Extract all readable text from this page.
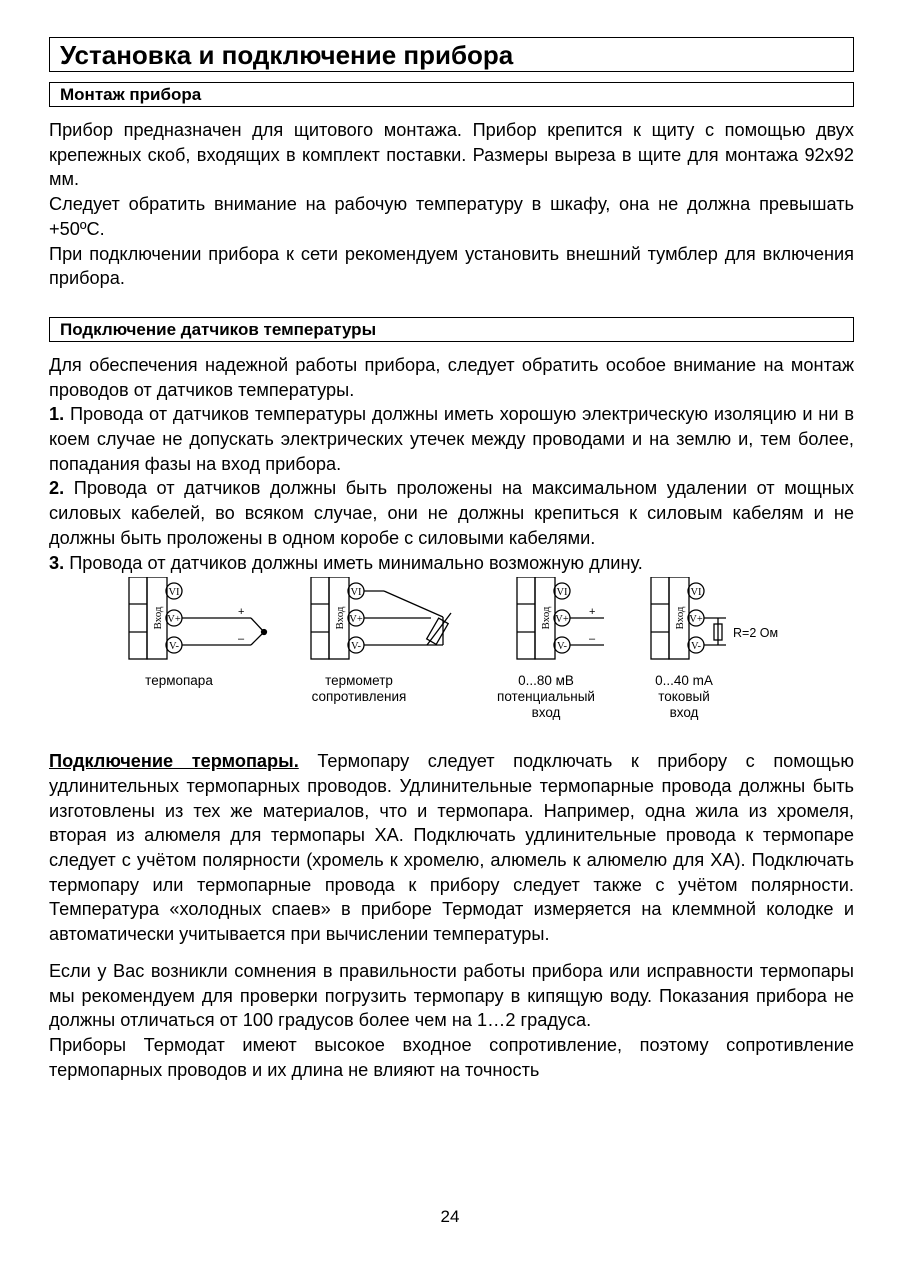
Установка и подключение прибора
Монтаж прибора

Прибор предназначен для щитового монтажа. Прибор крепится к щиту с помощью двух крепежных скоб, входящих в комплект поставки. Размеры выреза в щите для монтажа 92х92 мм.

Следует обратить внимание на рабочую температуру в шкафу, она не должна превышать +50ºС.

При подключении прибора к сети рекомендуем установить внешний тумблер для включения прибора.

Подключение датчиков температуры

Для обеспечения надежной работы прибора, следует обратить особое внимание на монтаж проводов от датчиков температуры.

1. Провода от датчиков температуры должны иметь хорошую электрическую изоляцию и ни в коем случае не допускать электрических утечек между проводами и на землю и, тем более, попадания фазы на вход прибора.

2. Провода от датчиков должны быть проложены на максимальном удалении от мощных силовых кабелей, во всяком случае, они не должны крепиться к силовым кабелям и не должны быть проложены в одном коробе с силовыми кабелями.

3. Провода от датчиков должны иметь минимально возможную длину.

VI
V+
V-
VI
V+
V-
VI
V+
V-
VI
V+
V-
Вход	Вход	Вход	Вход
+
–
+
–	R=2 Ом
термопара	термометр
сопротивления
0...80 мВ
потенциальный
вход
0...40 mA
токовый
вход

Подключение термопары. Термопару следует подключать к прибору с помощью удлинительных термопарных проводов. Удлинительные термопарные провода должны быть изготовлены из тех же материалов, что и термопара. Например, одна жила из хромеля, вторая из алюмеля для термопары ХА. Подключать удлинительные провода к термопаре следует с учётом полярности (хромель к хромелю, алюмель к алюмелю для ХА). Подключать термопару или термопарные провода к прибору следует также с учётом полярности. Температура «холодных спаев» в приборе Термодат измеряется на клеммной колодке и автоматически учитывается при вычислении температуры.

Если у Вас возникли сомнения в правильности работы прибора или исправности термопары мы рекомендуем для проверки погрузить термопару в кипящую воду. Показания прибора не должны отличаться от 100 градусов более чем на 1…2 градуса.

Приборы Термодат имеют высокое входное сопротивление, поэтому сопротивление термопарных проводов и их длина не влияют на точность

24
